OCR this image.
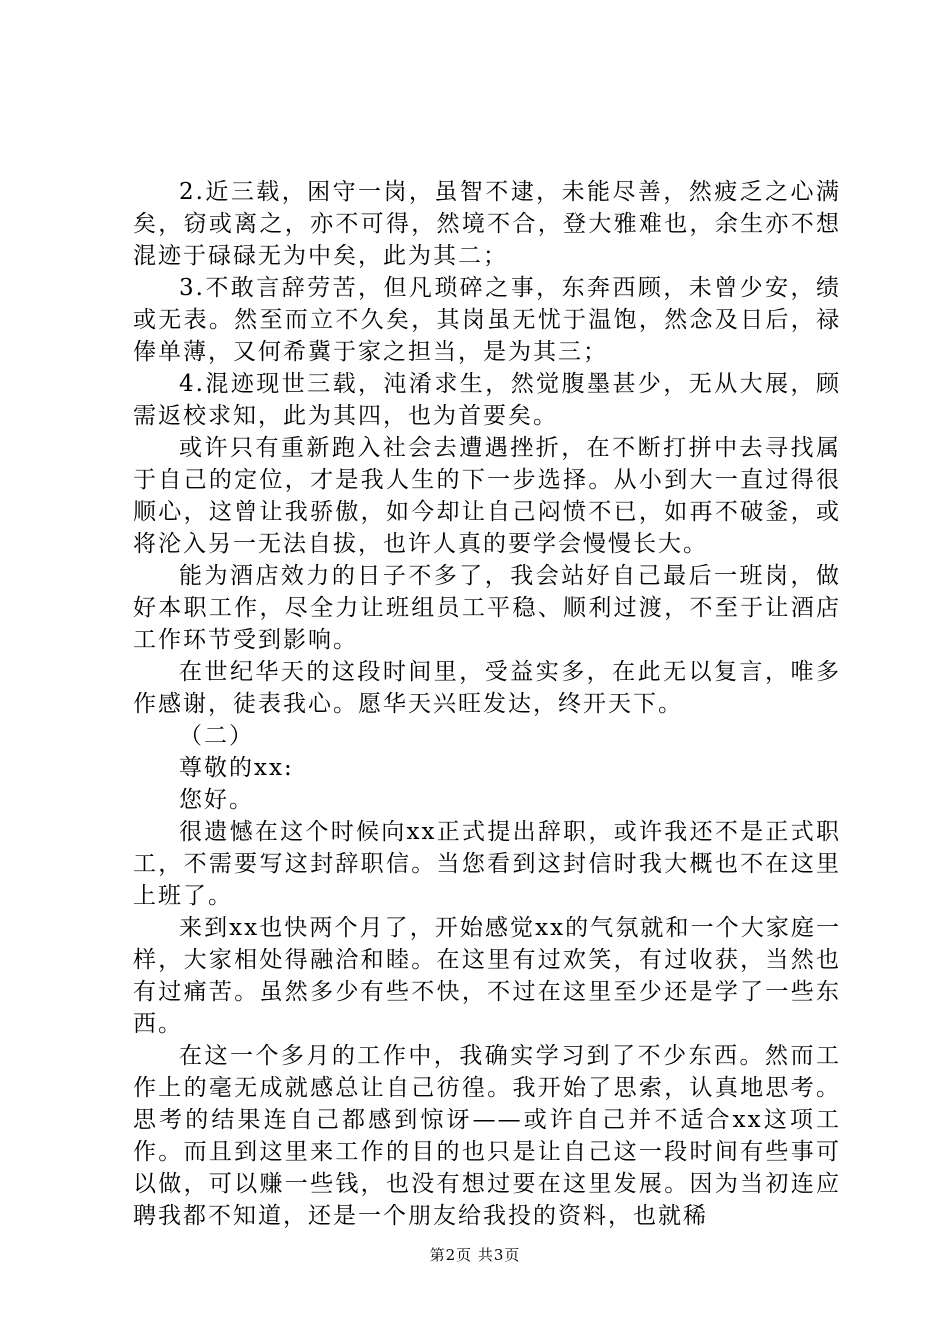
2.近三载，困守一岗，虽智不逮，未能尽善，然疲乏之心满矣，窃或离之，亦不可得，然境不合，登大雅难也，余生亦不想混迹于碌碌无为中矣，此为其二；

3.不敢言辞劳苦，但凡琐碎之事，东奔西顾，未曾少安，绩或无表。然至而立不久矣，其岗虽无忧于温饱，然念及日后，禄俸单薄，又何希冀于家之担当，是为其三；

4.混迹现世三载，沌淆求生，然觉腹墨甚少，无从大展，顾需返校求知，此为其四，也为首要矣。

或许只有重新跑入社会去遭遇挫折，在不断打拼中去寻找属于自己的定位，才是我人生的下一步选择。从小到大一直过得很顺心，这曾让我骄傲，如今却让自己闷愤不已，如再不破釜，或将沦入另一无法自拔，也许人真的要学会慢慢长大。

能为酒店效力的日子不多了，我会站好自己最后一班岗，做好本职工作，尽全力让班组员工平稳、顺利过渡，不至于让酒店工作环节受到影响。

在世纪华天的这段时间里，受益实多，在此无以复言，唯多作感谢，徒表我心。愿华天兴旺发达，终开天下。

（二）

尊敬的xx:

您好。

很遗憾在这个时候向xx正式提出辞职，或许我还不是正式职工，不需要写这封辞职信。当您看到这封信时我大概也不在这里上班了。

来到xx也快两个月了，开始感觉xx的气氛就和一个大家庭一样，大家相处得融洽和睦。在这里有过欢笑，有过收获，当然也有过痛苦。虽然多少有些不快，不过在这里至少还是学了一些东西。

在这一个多月的工作中，我确实学习到了不少东西。然而工作上的毫无成就感总让自己彷徨。我开始了思索，认真地思考。思考的结果连自己都感到惊讶——或许自己并不适合xx这项工作。而且到这里来工作的目的也只是让自己这一段时间有些事可以做，可以赚一些钱，也没有想过要在这里发展。因为当初连应聘我都不知道，还是一个朋友给我投的资料，也就稀

第2页 共3页
